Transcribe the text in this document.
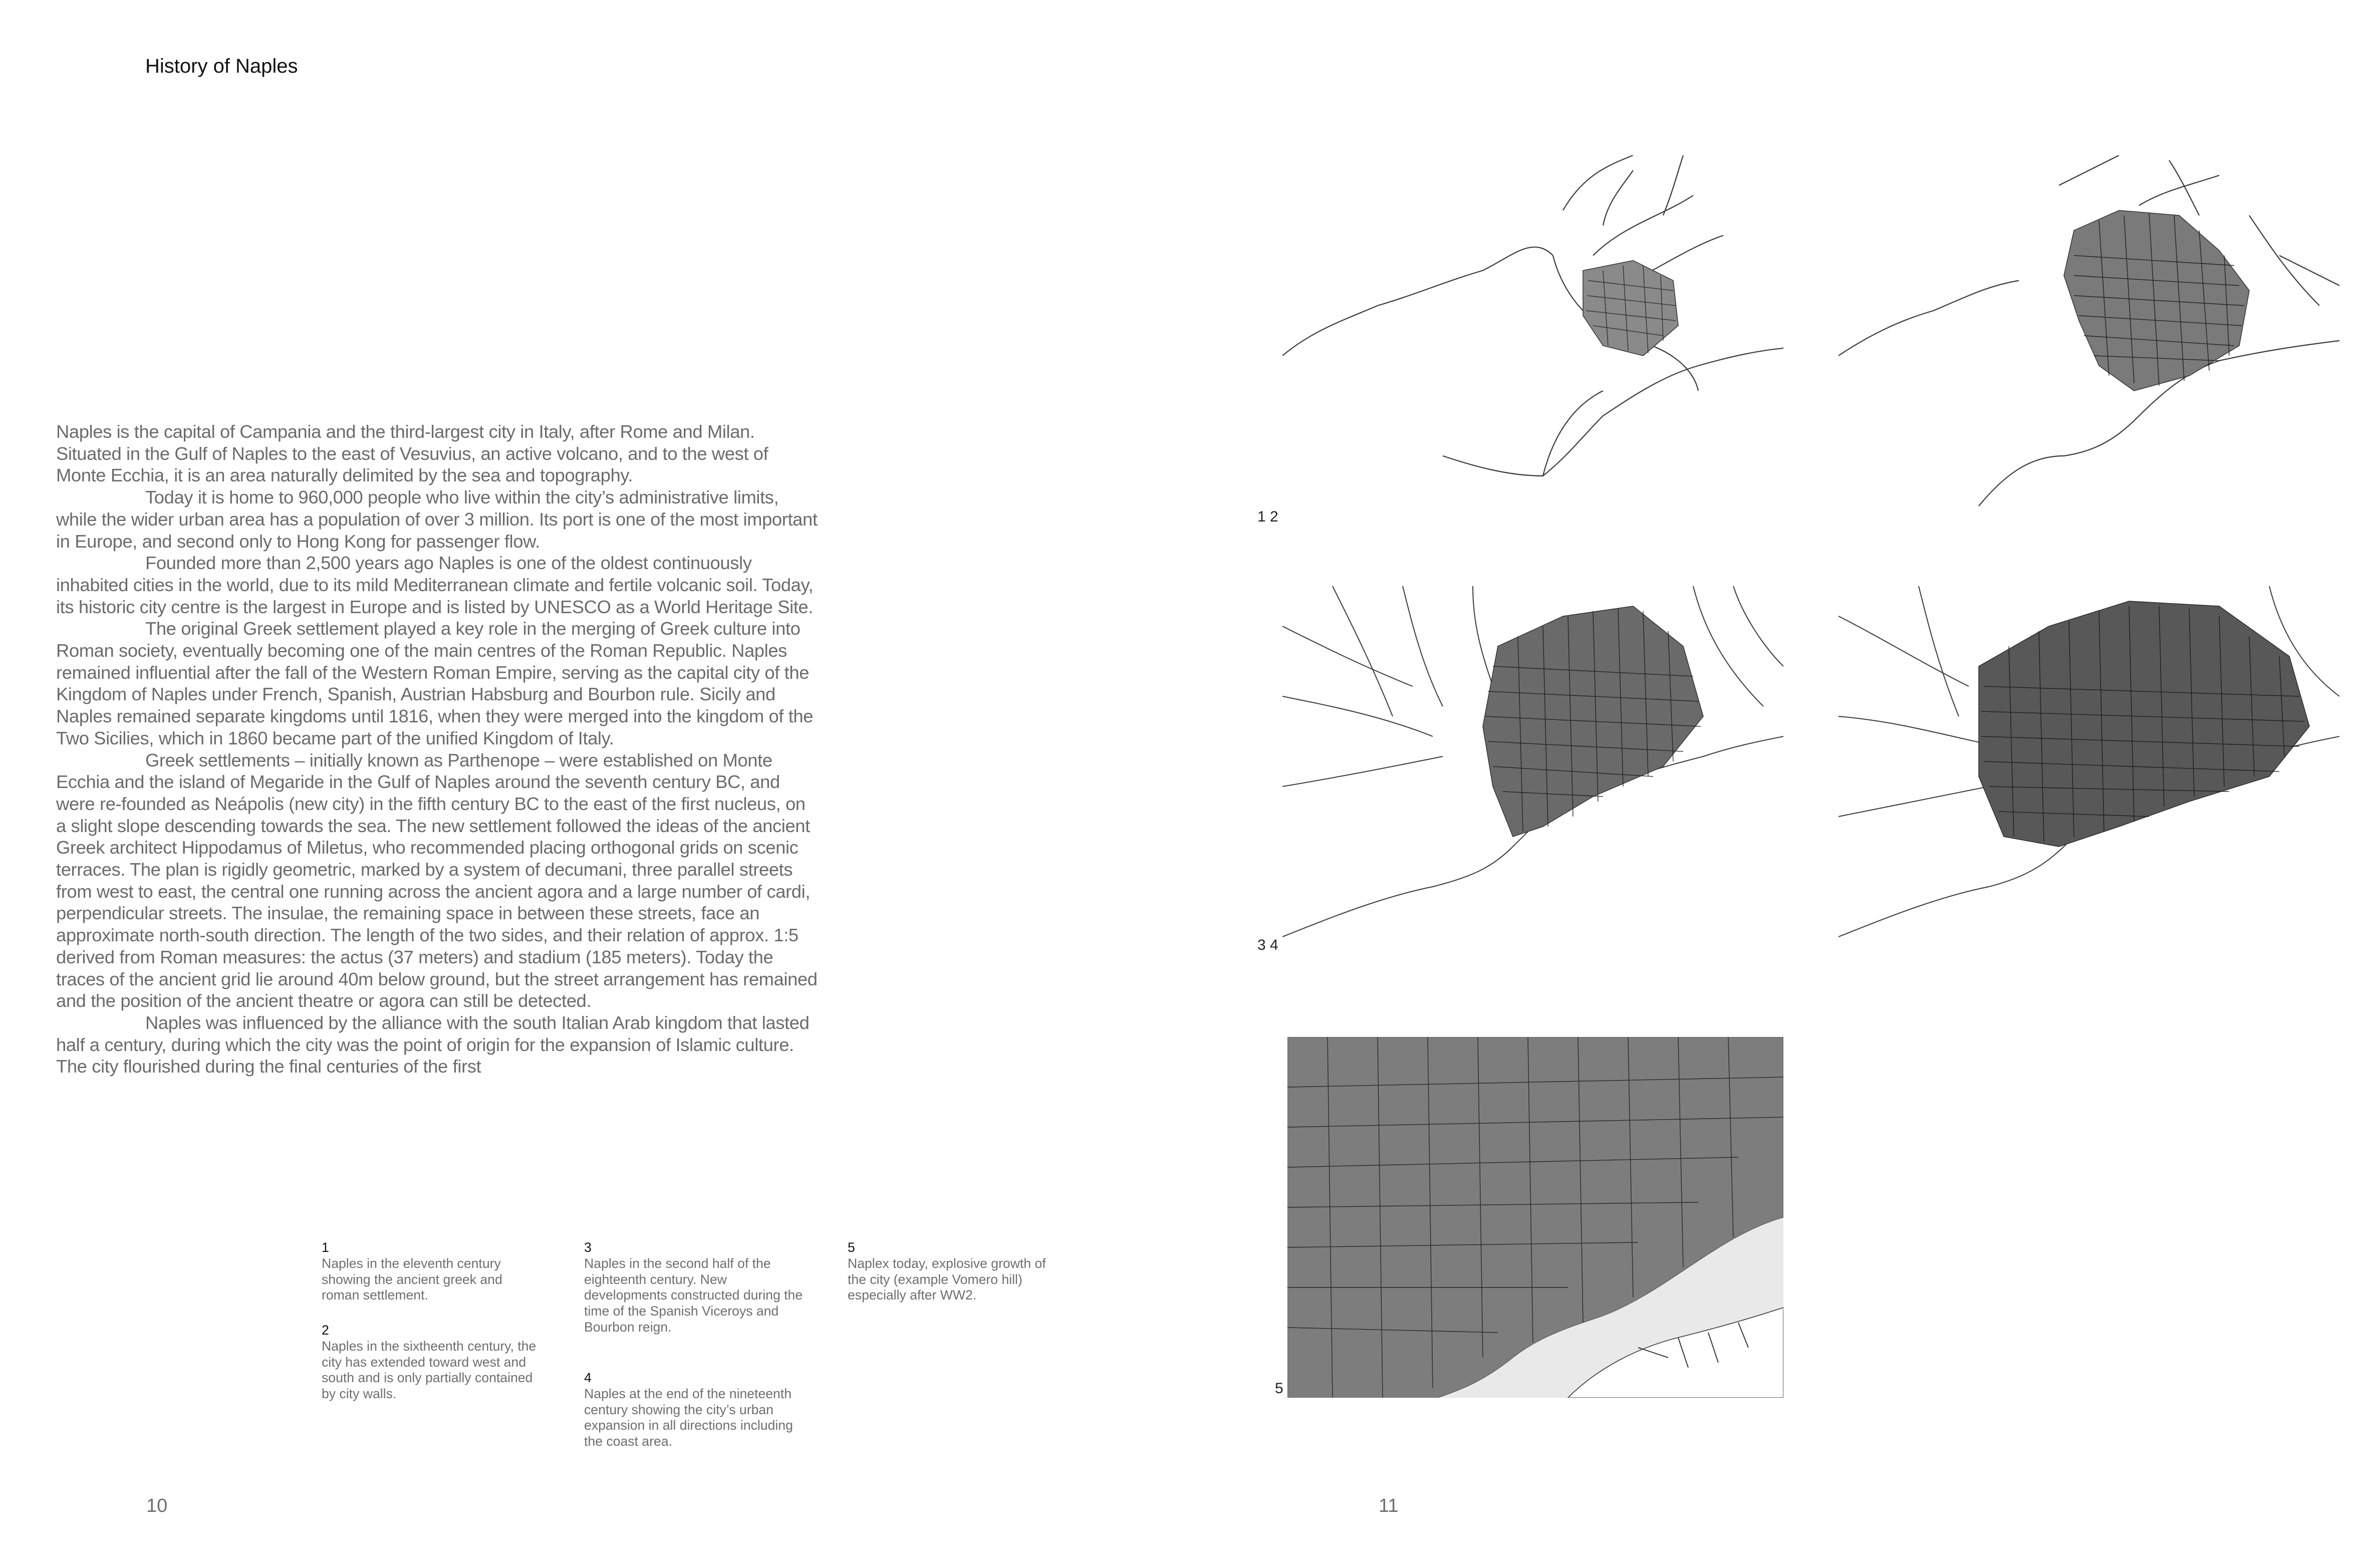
History of Naples

Naples is the capital of Campania and the third-largest city in Italy, after Rome and Milan. Situated in the Gulf of Naples to the east of Vesuvius, an active volcano, and to the west of Monte Ecchia, it is an area naturally delimited by the sea and topography.

Today it is home to 960,000 people who live within the city’s administrative limits, while the wider urban area has a population of over 3 million. Its port is one of the most important in Europe, and second only to Hong Kong for passenger flow.

Founded more than 2,500 years ago Naples is one of the oldest continuously inhabited cities in the world, due to its mild Mediterranean climate and fertile volcanic soil. Today, its historic city centre is the largest in Europe and is listed by UNESCO as a World Heritage Site.

The original Greek settlement played a key role in the merging of Greek culture into Roman society, eventually becoming one of the main centres of the Roman Republic. Naples remained influential after the fall of the Western Roman Empire, serving as the capital city of the Kingdom of Naples under French, Spanish, Austrian Habsburg and Bourbon rule. Sicily and Naples remained separate kingdoms until 1816, when they were merged into the kingdom of the Two Sicilies, which in 1860 became part of the unified Kingdom of Italy.

Greek settlements – initially known as Parthenope – were established on Monte Ecchia and the island of Megaride in the Gulf of Naples around the seventh century BC, and were re-founded as Neápolis (new city) in the fifth century BC to the east of the first nucleus, on a slight slope descending towards the sea. The new settlement followed the ideas of the ancient Greek architect Hippodamus of Miletus, who recommended placing orthogonal grids on scenic terraces. The plan is rigidly geometric, marked by a system of decumani, three parallel streets from west to east, the central one running across the ancient agora and a large number of cardi, perpendicular streets. The insulae, the remaining space in between these streets, face an approximate north-south direction. The length of the two sides, and their relation of approx. 1:5 derived from Roman measures: the actus (37 meters) and stadium (185 meters). Today the traces of the ancient grid lie around 40m below ground, but the street arrangement has remained and the position of the ancient theatre or agora can still be detected.

Naples was influenced by the alliance with the south Italian Arab kingdom that lasted half a century, during which the city was the point of origin for the expansion of Islamic culture. The city flourished during the final centuries of the first

1
Naples in the eleventh century showing the ancient greek and roman settlement.
2
Naples in the sixtheenth century, the city has extended toward west and south and is only partially contained by city walls.
3
Naples in the second half of the eighteenth century. New developments constructed during the time of the Spanish Viceroys and Bourbon reign.
4
Naples at the end of the nineteenth century showing the city’s urban expansion in all directions including the coast area.
5
Naplex today, explosive growth of the city (example Vomero hill) especially after WW2.
1 2
3 4
5
10	11
